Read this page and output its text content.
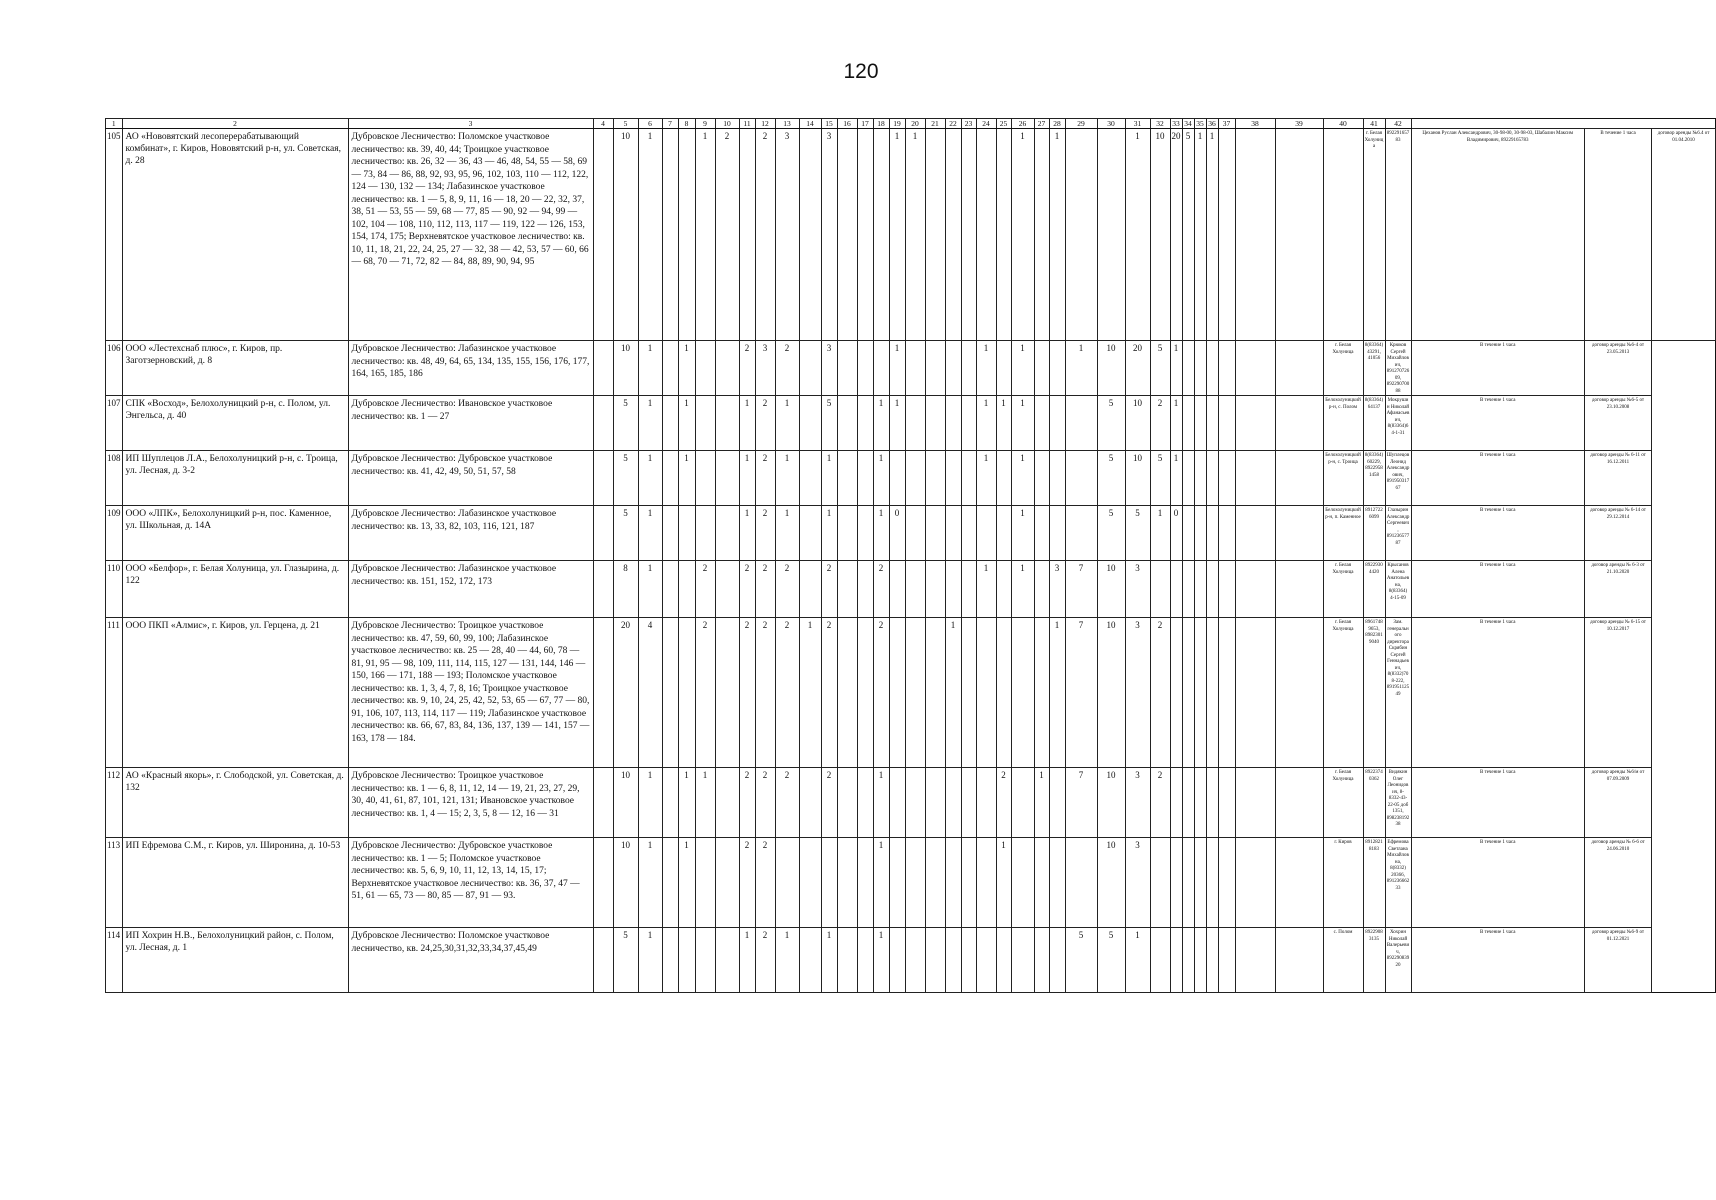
120
1	2	3	4	5	6	7	8	9	10	11	12	13	14	15	16	17	18	19	20	21	22	23	24	25	26	27	28	29	30	31	32	33	34	35	36	37	38	39	40	41	42			
105	АО «Нововятский лесоперерабатывающий комбинат», г. Киров, Нововятский р-н, ул. Советская, д. 28	Дубровское Лесничество: Поломское участковое лесничество: кв. 39, 40, 44; Троицкое участковое лесничество: кв. 26, 32 — 36, 43 — 46, 48, 54, 55 — 58, 69 — 73, 84 — 86, 88, 92, 93, 95, 96, 102, 103, 110 — 112, 122, 124 — 130, 132 — 134; Лабазинское участковое лесничество: кв. 1 — 5, 8, 9, 11, 16 — 18, 20 — 22, 32, 37, 38, 51 — 53, 55 — 59, 68 — 77, 85 — 90, 92 — 94, 99 — 102, 104 — 108, 110, 112, 113, 117 — 119, 122 — 126, 153, 154, 174, 175; Верхневятское участковое лесничество: кв. 10, 11, 18, 21, 22, 24, 25, 27 — 32, 38 — 42, 53, 57 — 60, 66 — 68, 70 — 71, 72, 82 — 84, 88, 89, 90, 94, 95		10	1			1	2		2	3		3				1	1						1		1			1	10	20	5	1	1					г. Белая Холуница	89229165783	Цеханов Руслан Александрович, 30-98-00, 30-98-03, Шабалин Максим Владимирович, 89229165783	В течение 1 часа	договор аренды №6.4 от 01.04.2010
106	ООО «Лестехснаб плюс», г. Киров, пр. Заготзерновский, д. 8	Дубровское Лесничество: Лабазинское участковое лесничество: кв. 48, 49, 64, 65, 134, 135, 155, 156, 176, 177, 164, 165, 185, 186		10	1		1			2	3	2		3				1					1		1			1	10	20	5	1							г. Белая Холуница	8(83364) 43291, 41056	Крюков Сергей Михайлович, 89127072609, 89229070088	В течение 1 часа	договор аренды №6-4 от 23.05.2013	
107	СПК «Восход», Белохолуницкий р-н, с. Полом, ул. Энгельса, д. 40	Дубровское Лесничество: Ивановское участковое лесничество: кв. 1 — 27		5	1		1			1	2	1		5			1	1					1	1	1				5	10	2	1							Белохолуницкий р-н, с. Полом	8(83364) 64137	Мокрушин Николай Афанасьевич, 8(83364)64-1-31	В течение 1 часа	договор аренды №6-5 от 23.10.2008	
108	ИП Шуплецов Л.А., Белохолуницкий р-н, с. Троица, ул. Лесная, д. 3-2	Дубровское Лесничество: Дубровское участковое лесничество: кв. 41, 42, 49, 50, 51, 57, 58		5	1		1			1	2	1		1			1						1		1				5	10	5	1							Белохолуницкий р-н, с. Троица	8(83364) 60229, 89229581458	Шуплецов Леонид Александрович, 89195031767	В течение 1 часа	договор аренды № 6-11 от 16.12.2011	
109	ООО «ЛПК», Белохолуницкий р-н, пос. Каменное, ул. Школьная, д. 14А	Дубровское Лесничество: Лабазинское участковое лесничество: кв. 13, 33, 82, 103, 116, 121, 187		5	1					1	2	1		1			1	0							1				5	5	1	0							Белохолуницкий р-н, п. Каменное	89127226099	Глазырин Александр Сергеевич, 89123657787	В течение 1 часа	договор аренды № 6-14 от 29.12.2014	
110	ООО «Белфор», г. Белая Холуница, ул. Глазырина, д. 122	Дубровское Лесничество: Лабазинское участковое лесничество: кв. 151, 152, 172, 173		8	1			2		2	2	2		2			2						1		1		3	7	10	3									г. Белая Холуница	89229304420	Крысанов Алена Анатольевна, 8(83364) 4-15-09	В течение 1 часа	договор аренды № 6-3 от 21.10.2020	
111	ООО ПКП «Алмис», г. Киров, ул. Герцена, д. 21	Дубровское Лесничество: Троицкое участковое лесничество: кв. 47, 59, 60, 99, 100; Лабазинское участковое лесничество: кв. 25 — 28, 40 — 44, 60, 78 — 81, 91, 95 — 98, 109, 111, 114, 115, 127 — 131, 144, 146 — 150, 166 — 171, 188 — 193; Поломское участковое лесничество: кв. 1, 3, 4, 7, 8, 16; Троицкое участковое лесничество: кв. 9, 10, 24, 25, 42, 52, 53, 65 — 67, 77 — 80, 91, 106, 107, 113, 114, 117 — 119; Лабазинское участковое лесничество: кв. 66, 67, 83, 84, 136, 137, 139 — 141, 157 — 163, 178 — 184.		20	4			2		2	2	2	1	2			2				1						1	7	10	3	2								г. Белая Холуница	89617489653, 89823019040	Зам. генерального директора Скрябин Сергей Геннадьевич, 8(8332)708-222, 89195112549	В течение 1 часа	договор аренды № 6-15 от 10.12.2017	
112	АО «Красный якорь», г. Слободской, ул. Советская, д. 132	Дубровское Лесничество: Троицкое участковое лесничество: кв. 1 — 6, 8, 11, 12, 14 — 19, 21, 23, 27, 29, 30, 40, 41, 61, 87, 101, 121, 131; Ивановское участковое лесничество: кв. 1, 4 — 15; 2, 3, 5, 8 — 12, 16 — 31		10	1		1	1		2	2	2		2			1							2		1		7	10	3	2								г. Белая Холуница	89223740362	Видякин Олег Леонидович, 8-8332-43-22-05 доб 1351, 89823819238	В течение 1 часа	договор аренды №6/м от 07.09.2009	
113	ИП Ефремова С.М., г. Киров, ул. Широнина, д. 10-53	Дубровское Лесничество: Дубровское участковое лесничество: кв. 1 — 5; Поломское участковое лесничество: кв. 5, 6, 9, 10, 11, 12, 13, 14, 15, 17; Верхневятское участковое лесничество: кв. 36, 37, 47 — 51, 61 — 65, 73 — 80, 85 — 87, 91 — 93.		10	1		1			2	2						1							1					10	3									г. Киров	89128218183	Ефремова Светлана Михайловна, 8(8332) 20366, 89123666233	В течение 1 часа	договор аренды № 6-6 от 24.06.2010	
114	ИП Хохрин Н.В., Белохолуницкий район, с. Полом, ул. Лесная, д. 1	Дубровское Лесничество: Поломское участковое лесничество, кв. 24,25,30,31,32,33,34,37,45,49		5	1					1	2	1		1			1											5	5	1									с. Полом	89229083135	Хохрин Николай Валерьевич, 89229083920	В течение 1 часа	договор аренды №6-9 от 01.12.2021	
